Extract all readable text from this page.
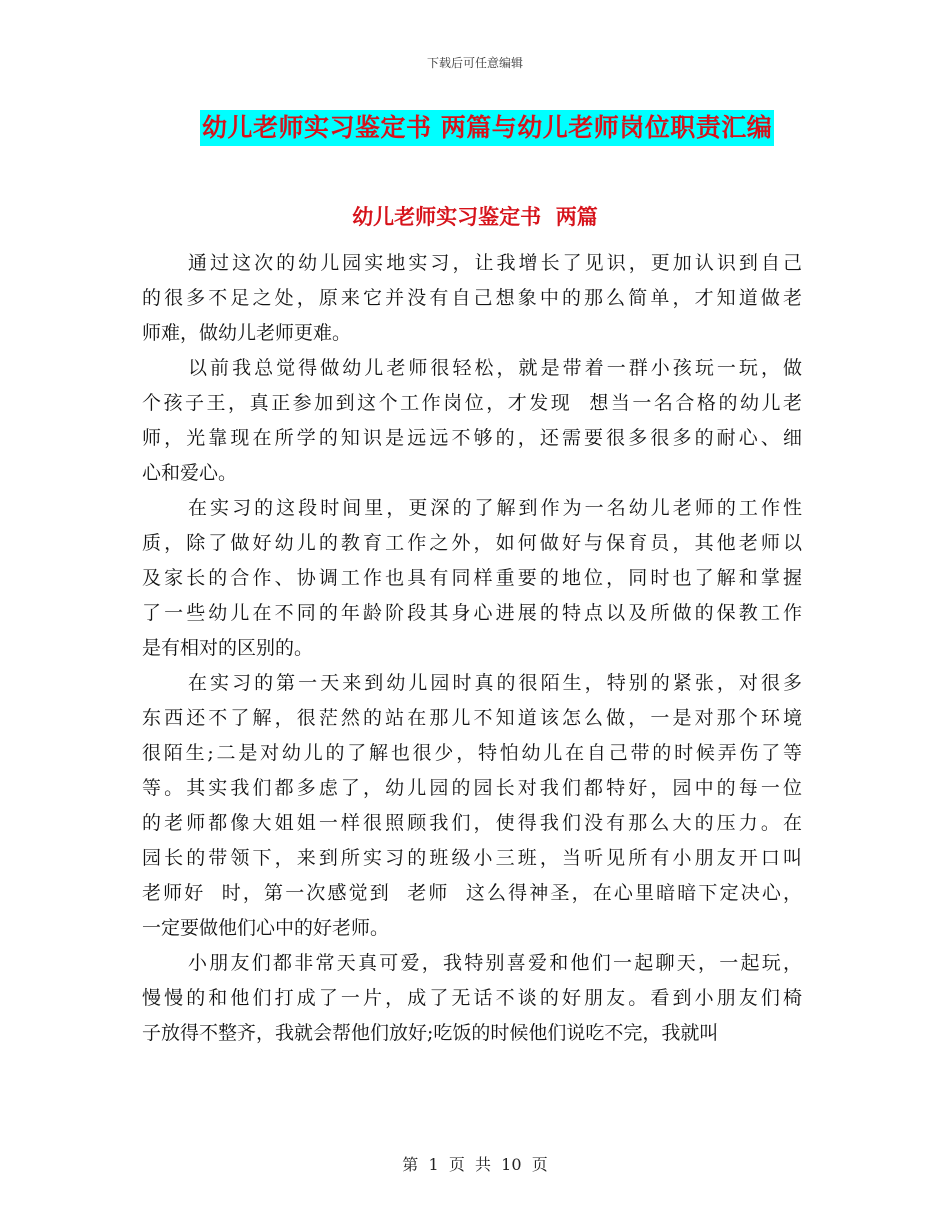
下载后可任意编辑
幼儿老师实习鉴定书 两篇与幼儿老师岗位职责汇编
幼儿老师实习鉴定书  两篇
通过这次的幼儿园实地实习，让我增长了见识，更加认识到自己
的很多不足之处，原来它并没有自己想象中的那么简单，才知道做老
师难，做幼儿老师更难。
以前我总觉得做幼儿老师很轻松，就是带着一群小孩玩一玩，做
个孩子王，真正参加到这个工作岗位，才发现  想当一名合格的幼儿老
师，光靠现在所学的知识是远远不够的，还需要很多很多的耐心、细
心和爱心。
在实习的这段时间里，更深的了解到作为一名幼儿老师的工作性
质，除了做好幼儿的教育工作之外，如何做好与保育员，其他老师以
及家长的合作、协调工作也具有同样重要的地位，同时也了解和掌握
了一些幼儿在不同的年龄阶段其身心进展的特点以及所做的保教工作
是有相对的区别的。
在实习的第一天来到幼儿园时真的很陌生，特别的紧张，对很多
东西还不了解，很茫然的站在那儿不知道该怎么做，一是对那个环境
很陌生;二是对幼儿的了解也很少，特怕幼儿在自己带的时候弄伤了等
等。其实我们都多虑了，幼儿园的园长对我们都特好，园中的每一位
的老师都像大姐姐一样很照顾我们，使得我们没有那么大的压力。在
园长的带领下，来到所实习的班级小三班，当听见所有小朋友开口叫
老师好  时，第一次感觉到  老师  这么得神圣，在心里暗暗下定决心，
一定要做他们心中的好老师。
小朋友们都非常天真可爱，我特别喜爱和他们一起聊天，一起玩，
慢慢的和他们打成了一片，成了无话不谈的好朋友。看到小朋友们椅
子放得不整齐，我就会帮他们放好;吃饭的时候他们说吃不完，我就叫
第  1  页  共  10  页
